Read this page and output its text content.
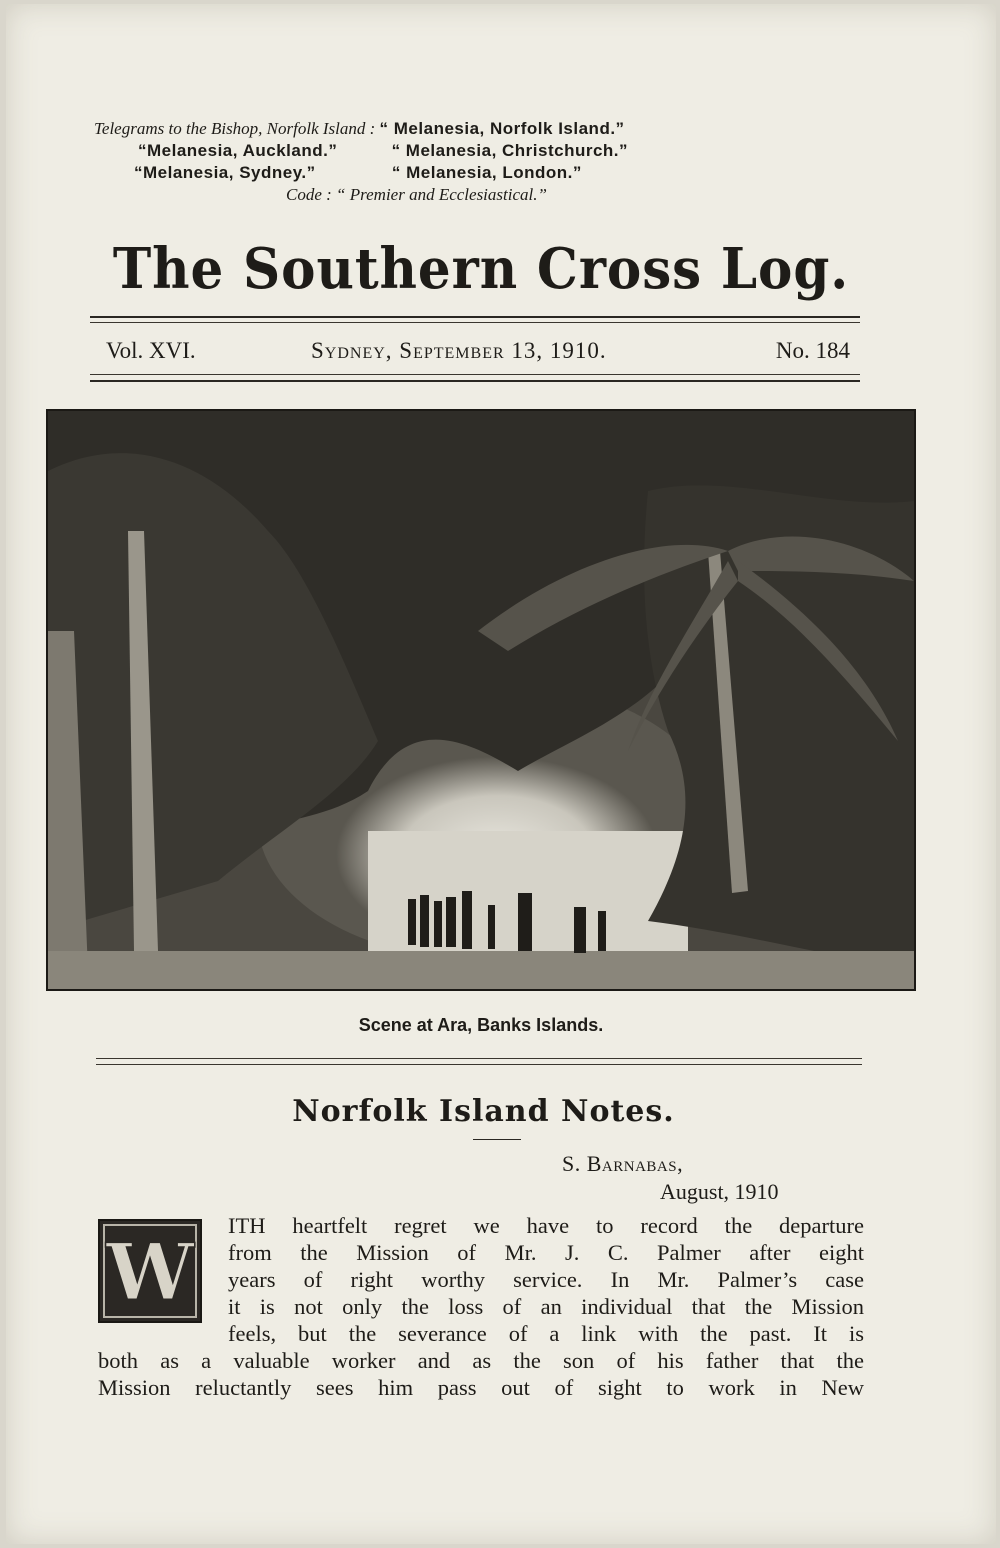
Telegrams to the Bishop, Norfolk Island : “ Melanesia, Norfolk Island.”
“Melanesia, Auckland.”	“ Melanesia, Christchurch.”
“Melanesia, Sydney.”	“ Melanesia, London.”
Code : “ Premier and Ecclesiastical.”
The Southern Cross Log.
Vol. XVI.	Sydney, September 13, 1910.	No. 184
Scene at Ara, Banks Islands.
Norfolk Island Notes.
S. Barnabas,
August, 1910
W
ITH heartfelt regret we have to record the departure
from the Mission of Mr. J. C. Palmer after eight
years of right worthy service. In Mr. Palmer’s case
it is not only the loss of an individual that the Mission
feels, but the severance of a link with the past. It is
both as a valuable worker and as the son of his father that the
Mission reluctantly sees him pass out of sight to work in New
